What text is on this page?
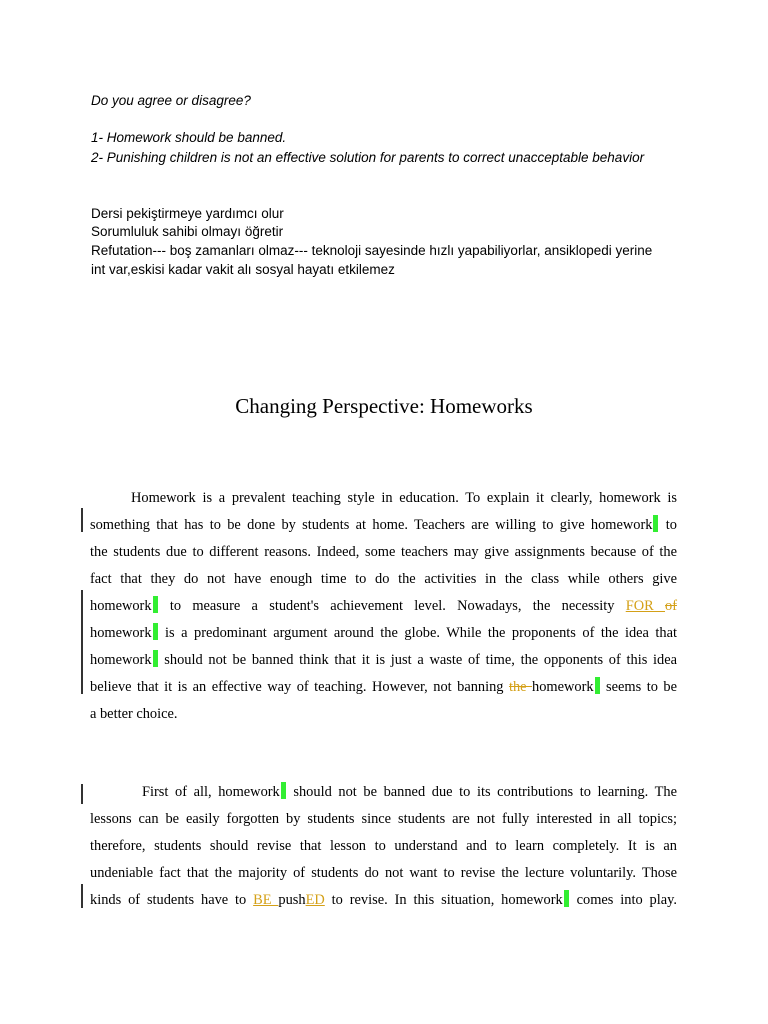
Do you agree or disagree?
1- Homework should be banned.
2- Punishing children is not an effective solution for parents to correct unacceptable behavior
Dersi pekiştirmeye yardımcı olur
Sorumluluk sahibi olmayı öğretir
Refutation--- boş zamanları olmaz--- teknoloji sayesinde hızlı yapabiliyorlar, ansiklopedi yerine
int var,eskisi kadar vakit alı sosyal hayatı etkilemez
Changing Perspective: Homeworks
Homework is a prevalent teaching style in education. To explain it clearly, homework is
something that has to be done by students at home. Teachers are willing to give homework to
the students due to different reasons. Indeed, some teachers may give assignments because of the
fact that they do not have enough time to do the activities in the class while others give
homework to measure a student's achievement level. Nowadays, the necessity FOR of
homework is a predominant argument around the globe. While the proponents of the idea that
homework should not be banned think that it is just a waste of time, the opponents of this idea
believe that it is an effective way of teaching. However, not banning the homework seems to be
a better choice.
First of all, homework should not be banned due to its contributions to learning. The
lessons can be easily forgotten by students since students are not fully interested in all topics;
therefore, students should revise that lesson to understand and to learn completely. It is an
undeniable fact that the majority of students do not want to revise the lecture voluntarily. Those
kinds of students have to BE pushED to revise. In this situation, homework comes into play.
